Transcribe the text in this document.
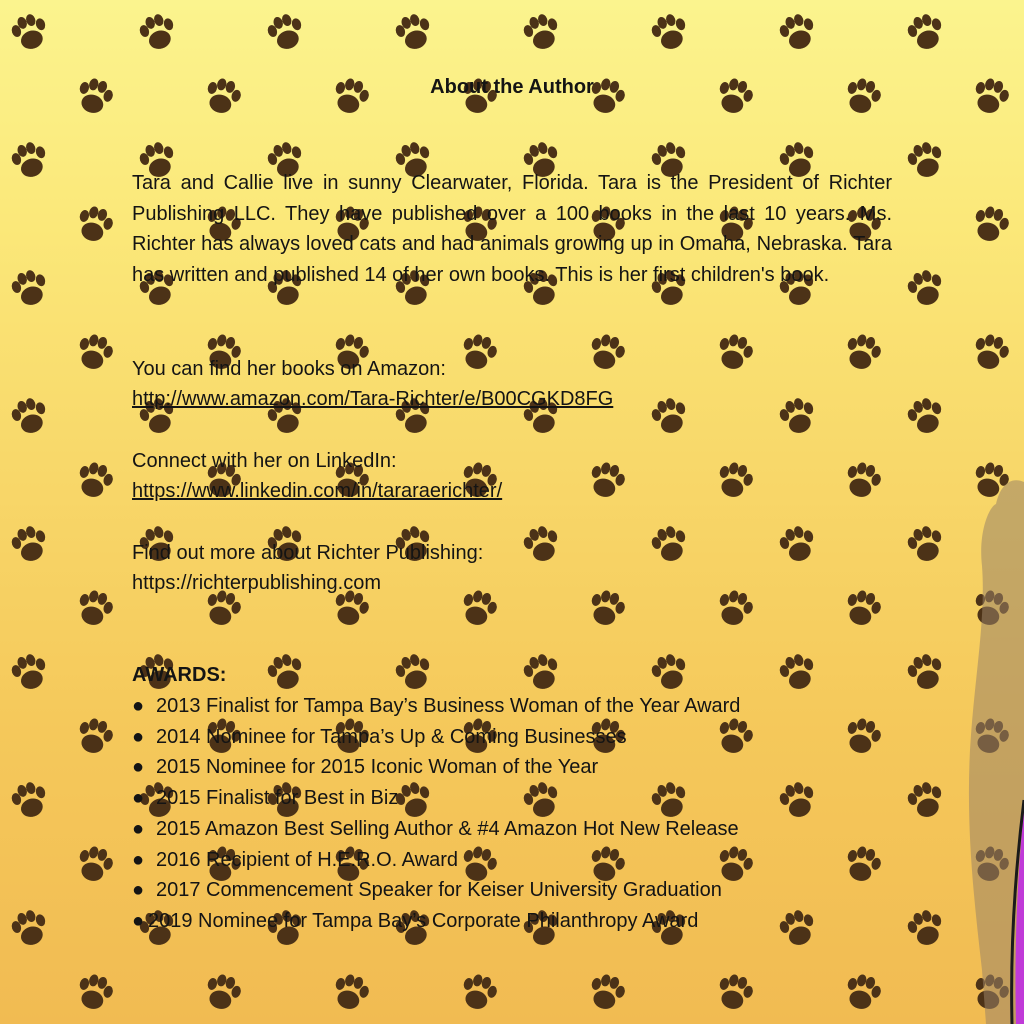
About the Author

Tara and Callie live in sunny Clearwater, Florida. Tara is the President of Richter Publishing LLC. They have published over a 100 books in the last 10 years. Ms. Richter has always loved cats and had animals growing up in Omaha, Nebraska. Tara has written and published 14 of her own books. This is her first children's book.

You can find her books on Amazon:
http://www.amazon.com/Tara-Richter/e/B00CGKD8FG
Connect with her on LinkedIn:
https://www.linkedin.com/in/tararaerichter/
Find out more about Richter Publishing:
https://richterpublishing.com
AWARDS:
● 2013 Finalist for Tampa Bay’s Business Woman of the Year Award
● 2014 Nominee for Tampa’s Up & Coming Businesses
● 2015 Nominee for 2015 Iconic Woman of the Year
● 2015 Finalist for Best in Biz
● 2015 Amazon Best Selling Author & #4 Amazon Hot New Release
● 2016 Recipient of H.E.R.O. Award
● 2017 Commencement Speaker for Keiser University Graduation
● 2019 Nominee for Tampa Bay’s Corporate Philanthropy Award
